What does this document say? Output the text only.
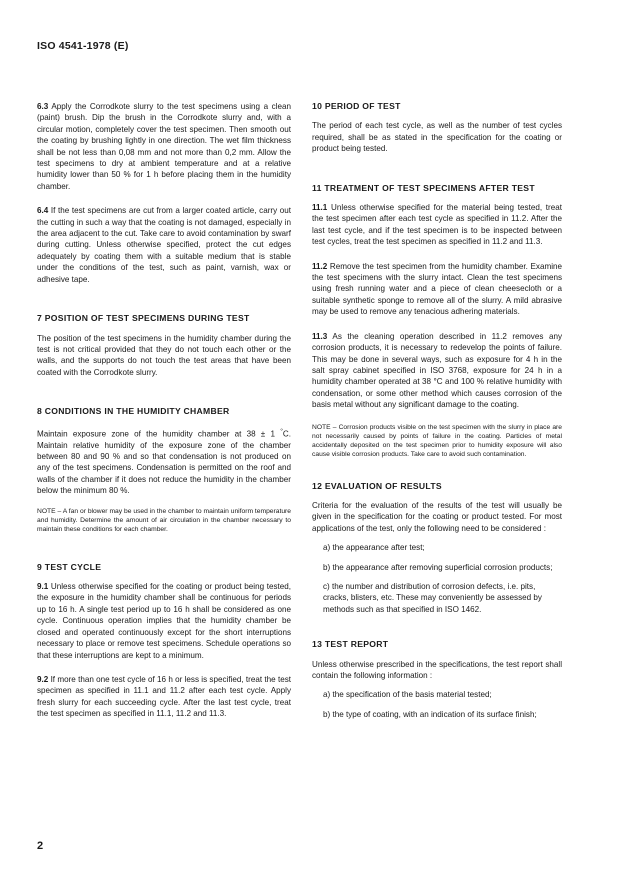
ISO 4541-1978 (E)

6.3 Apply the Corrodkote slurry to the test specimens using a clean (paint) brush. Dip the brush in the Corrodkote slurry and, with a circular motion, completely cover the test specimen. Then smooth out the coating by brushing lightly in one direction. The wet film thickness shall be not less than 0,08 mm and not more than 0,2 mm. Allow the test specimens to dry at ambient temperature and at a relative humidity lower than 50 % for 1 h before placing them in the humidity chamber.

6.4 If the test specimens are cut from a larger coated article, carry out the cutting in such a way that the coating is not damaged, especially in the area adjacent to the cut. Take care to avoid contamination by swarf during cutting. Unless otherwise specified, protect the cut edges adequately by coating them with a suitable medium that is stable under the conditions of the test, such as paint, varnish, wax or adhesive tape.

7 POSITION OF TEST SPECIMENS DURING TEST

The position of the test specimens in the humidity chamber during the test is not critical provided that they do not touch each other or the walls, and the supports do not touch the test areas that have been coated with the Corrodkote slurry.

8 CONDITIONS IN THE HUMIDITY CHAMBER

Maintain exposure zone of the humidity chamber at 38 ± 1 °C. Maintain relative humidity of the exposure zone of the chamber between 80 and 90 % and so that condensation is not produced on any of the test specimens. Condensation is permitted on the roof and walls of the chamber if it does not reduce the humidity in the chamber below the minimum 80 %.

NOTE – A fan or blower may be used in the chamber to maintain uniform temperature and humidity. Determine the amount of air circulation in the chamber necessary to maintain these conditions for each chamber.

9 TEST CYCLE

9.1 Unless otherwise specified for the coating or product being tested, the exposure in the humidity chamber shall be continuous for periods up to 16 h. A single test period up to 16 h shall be considered as one cycle. Continuous operation implies that the humidity chamber be closed and operated continuously except for the short interruptions necessary to place or remove test specimens. Schedule operations so that these interruptions are kept to a minimum.

9.2 If more than one test cycle of 16 h or less is specified, treat the test specimen as specified in 11.1 and 11.2 after each test cycle. Apply fresh slurry for each succeeding cycle. After the last test cycle, treat the test specimen as specified in 11.1, 11.2 and 11.3.

10 PERIOD OF TEST

The period of each test cycle, as well as the number of test cycles required, shall be as stated in the specification for the coating or product being tested.

11 TREATMENT OF TEST SPECIMENS AFTER TEST

11.1 Unless otherwise specified for the material being tested, treat the test specimen after each test cycle as specified in 11.2. After the last test cycle, and if the test specimen is to be inspected between test cycles, treat the test specimen as specified in 11.2 and 11.3.

11.2 Remove the test specimen from the humidity chamber. Examine the test specimens with the slurry intact. Clean the test specimens using fresh running water and a piece of clean cheesecloth or a suitable synthetic sponge to remove all of the slurry. A mild abrasive may be used to remove any tenacious adhering materials.

11.3 As the cleaning operation described in 11.2 removes any corrosion products, it is necessary to redevelop the points of failure. This may be done in several ways, such as exposure for 4 h in the salt spray cabinet specified in ISO 3768, exposure for 24 h in a humidity chamber operated at 38 °C and 100 % relative humidity with condensation, or some other method which causes corrosion of the basis metal without any significant damage to the coating.

NOTE – Corrosion products visible on the test specimen with the slurry in place are not necessarily caused by points of failure in the coating. Particles of metal accidentally deposited on the test specimen prior to humidity exposure will also cause visible corrosion products. Take care to avoid such contamination.

12 EVALUATION OF RESULTS

Criteria for the evaluation of the results of the test will usually be given in the specification for the coating or product tested. For most applications of the test, only the following need to be considered :

a) the appearance after test;

b) the appearance after removing superficial corrosion products;

c) the number and distribution of corrosion defects, i.e. pits, cracks, blisters, etc. These may conveniently be assessed by methods such as that specified in ISO 1462.

13 TEST REPORT

Unless otherwise prescribed in the specifications, the test report shall contain the following information :

a) the specification of the basis material tested;

b) the type of coating, with an indication of its surface finish;

2
